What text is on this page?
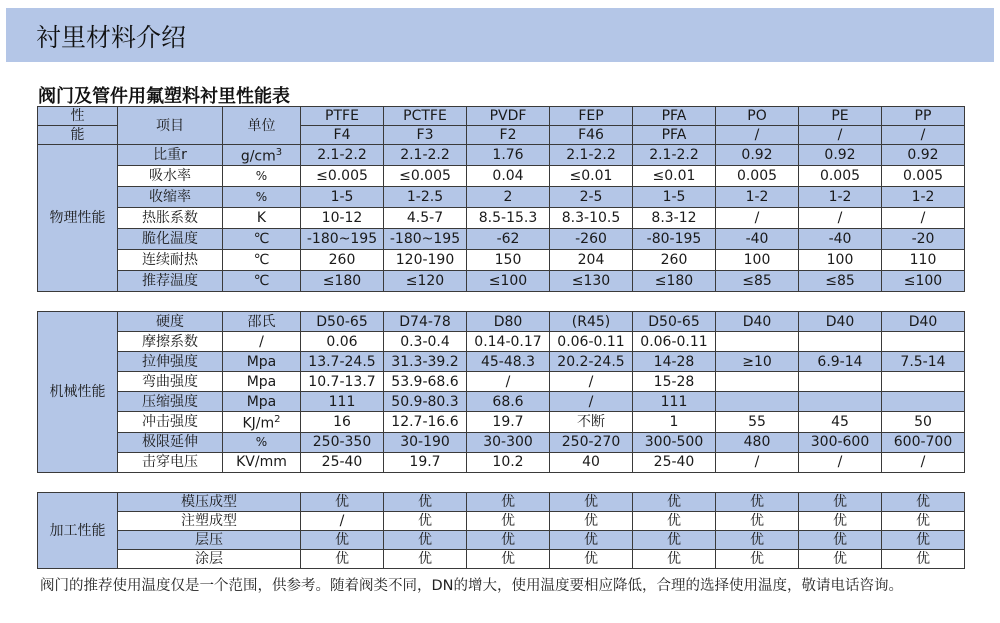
衬里材料介绍
阀门及管件用氟塑料衬里性能表
性	项目	单位	PTFE	PCTFE	PVDF	FEP	PFA	PO	PE	PP
能			F4	F3	F2	F46	PFA	/	/	/
物理性能	比重r	$g/cm^3$	2.1-2.2	2.1-2.2	1.76	2.1-2.2	2.1-2.2	0.92	0.92	0.92
	吸水率	%	≤0.005	≤0.005	0.04	≤0.01	≤0.01	0.005	0.005	0.005
	收缩率	%	1-5	1-2.5	2	2-5	1-5	1-2	1-2	1-2
	热胀系数	K	10-12	4.5-7	8.5-15.3	8.3-10.5	8.3-12	/	/	/
	脆化温度	℃	-180~195	-180~195	-62	-260	-80-195	-40	-40	-20
	连续耐热	℃	260	120-190	150	204	260	100	100	110
	推荐温度	℃	≤180	≤120	≤100	≤130	≤180	≤85	≤85	≤100
机械性能	硬度	邵氏	D50-65	D74-78	D80	(R45)	D50-65	D40	D40	D40
	摩擦系数	/	0.06	0.3-0.4	0.14-0.17	0.06-0.11	0.06-0.11			
	拉伸强度	Mpa	13.7-24.5	31.3-39.2	45-48.3	20.2-24.5	14-28	≥10	6.9-14	7.5-14
	弯曲强度	Mpa	10.7-13.7	53.9-68.6	/	/	15-28			
	压缩强度	Mpa	111	50.9-80.3	68.6	/	111			
	冲击强度	$KJ/m^2$	16	12.7-16.6	19.7	不断	1	55	45	50
	极限延伸	%	250-350	30-190	30-300	250-270	300-500	480	300-600	600-700
	击穿电压	KV/mm	25-40	19.7	10.2	40	25-40	/	/	/
加工性能	模压成型	优	优	优	优	优	优	优	优
	注塑成型	/	优	优	优	优	优	优	优
	层压	优	优	优	优	优	优	优	优
	涂层	优	优	优	优	优	优	优	优
阀门的推荐使用温度仅是一个范围，供参考。随着阀类不同，DN的增大，使用温度要相应降低，合理的选择使用温度，敬请电话咨询。
